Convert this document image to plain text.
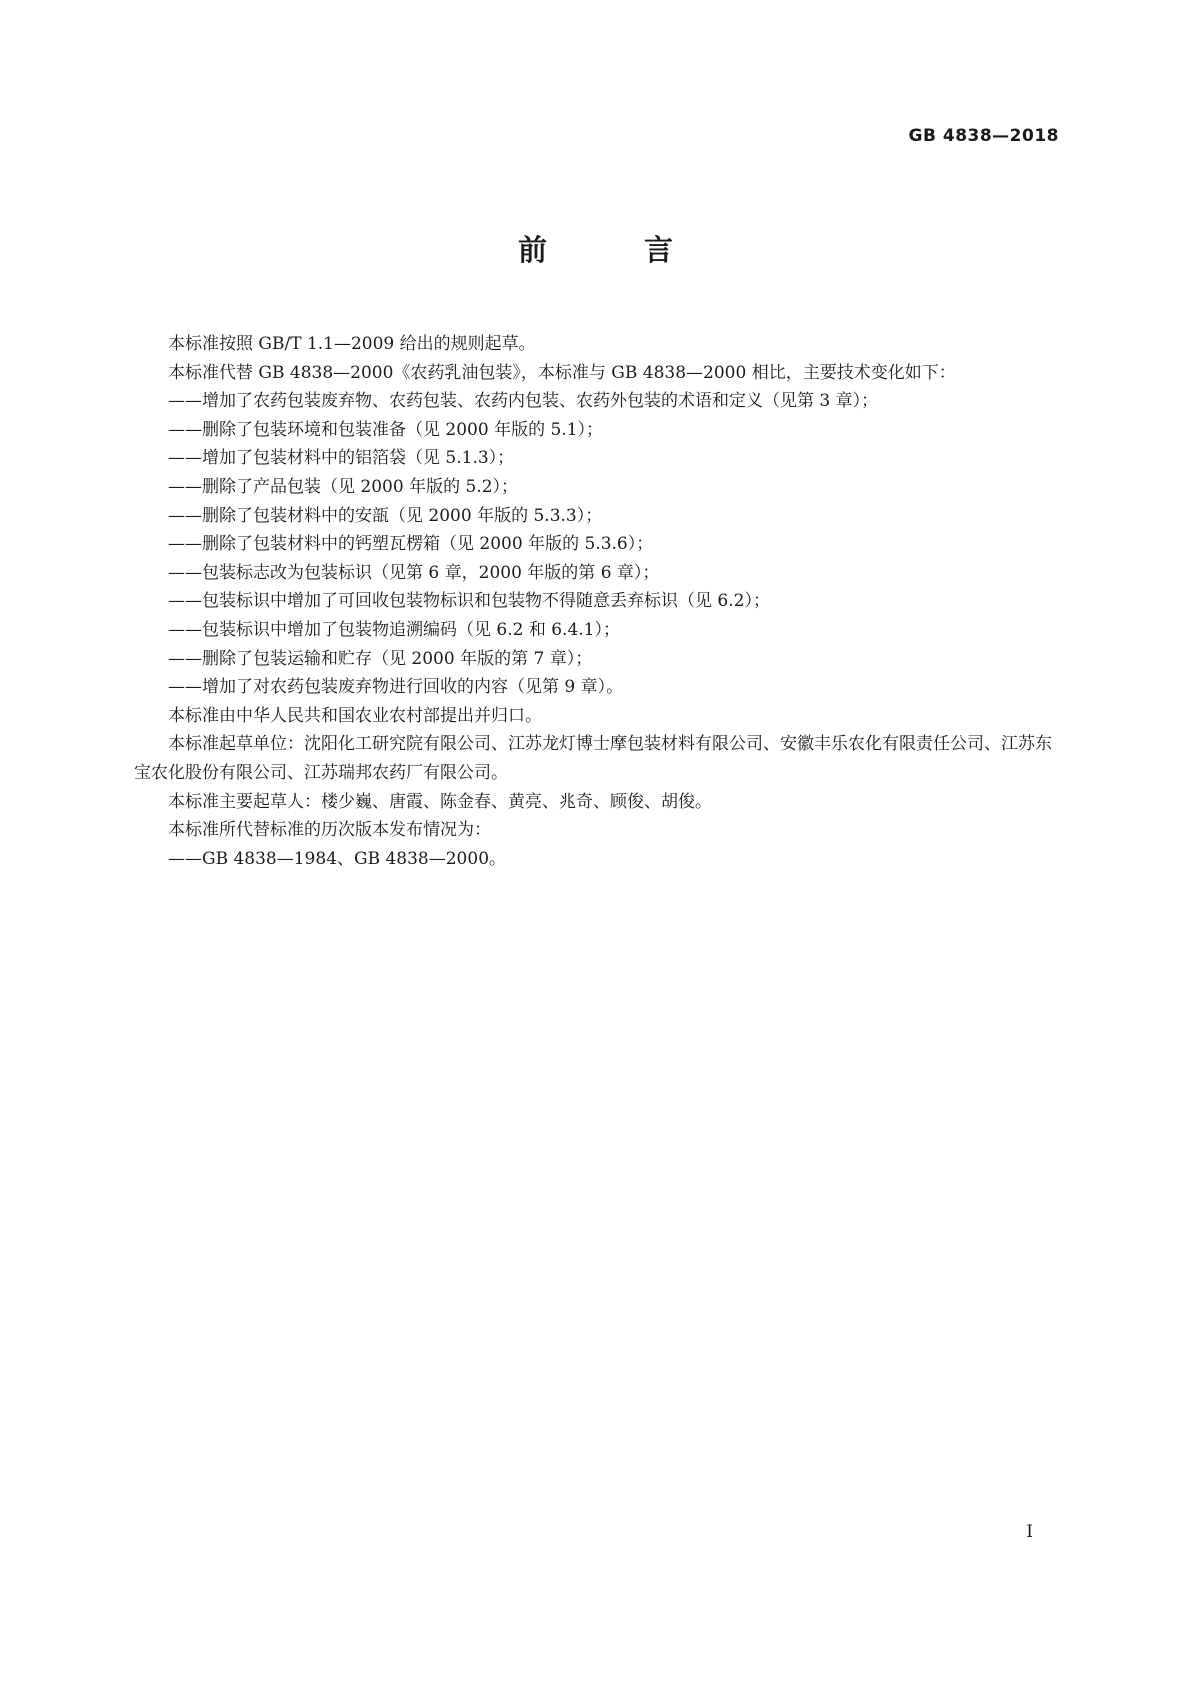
GB 4838—2018
前　言

本标准按照 GB/T 1.1—2009 给出的规则起草。

本标准代替 GB 4838—2000《农药乳油包装》，本标准与 GB 4838—2000 相比，主要技术变化如下：

——增加了农药包装废弃物、农药包装、农药内包装、农药外包装的术语和定义（见第 3 章）；

——删除了包装环境和包装准备（见 2000 年版的 5.1）；

——增加了包装材料中的铝箔袋（见 5.1.3）；

——删除了产品包装（见 2000 年版的 5.2）；

——删除了包装材料中的安瓿（见 2000 年版的 5.3.3）；

——删除了包装材料中的钙塑瓦楞箱（见 2000 年版的 5.3.6）；

——包装标志改为包装标识（见第 6 章，2000 年版的第 6 章）；

——包装标识中增加了可回收包装物标识和包装物不得随意丢弃标识（见 6.2）；

——包装标识中增加了包装物追溯编码（见 6.2 和 6.4.1）；

——删除了包装运输和贮存（见 2000 年版的第 7 章）；

——增加了对农药包装废弃物进行回收的内容（见第 9 章）。

本标准由中华人民共和国农业农村部提出并归口。

本标准起草单位：沈阳化工研究院有限公司、江苏龙灯博士摩包装材料有限公司、安徽丰乐农化有限责任公司、江苏东宝农化股份有限公司、江苏瑞邦农药厂有限公司。

本标准主要起草人：楼少巍、唐霞、陈金春、黄亮、兆奇、顾俊、胡俊。

本标准所代替标准的历次版本发布情况为：

——GB 4838—1984、GB 4838—2000。

I
